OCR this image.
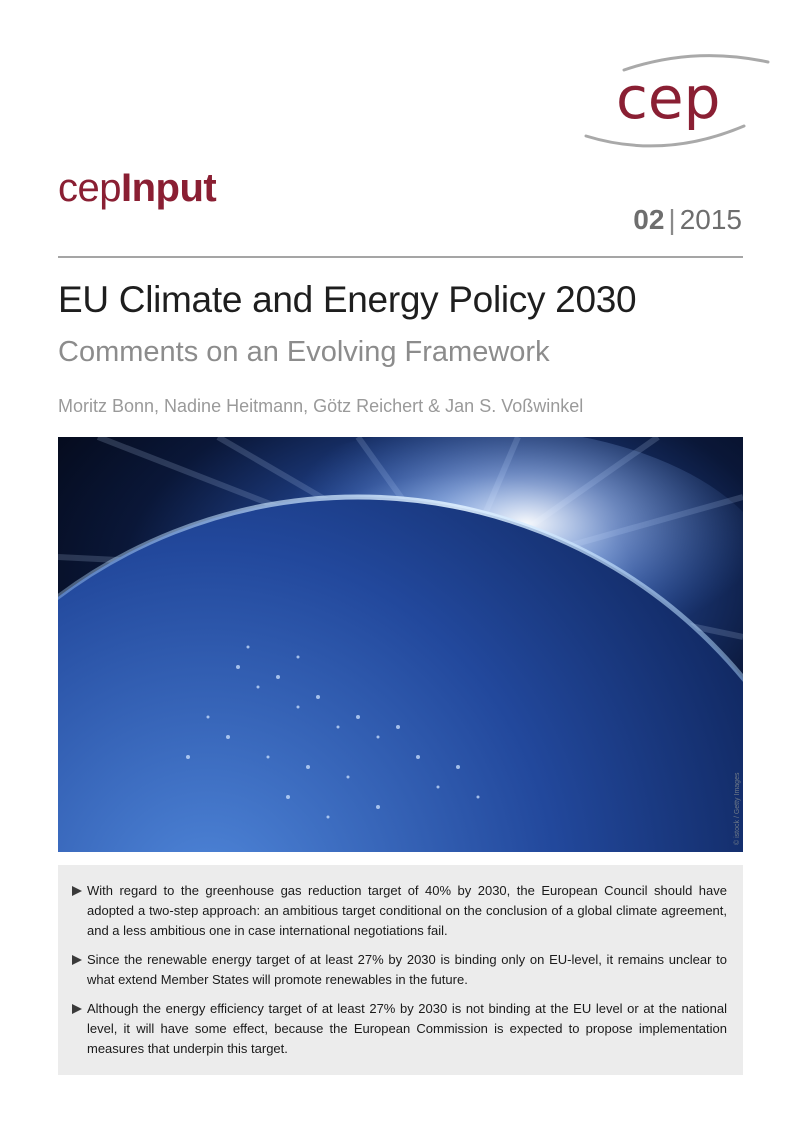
cep
cepInput
02 | 2015
EU Climate and Energy Policy 2030
Comments on an Evolving Framework
Moritz Bonn, Nadine Heitmann, Götz Reichert & Jan S. Voßwinkel
© istock / Getty Images
With regard to the greenhouse gas reduction target of 40% by 2030, the European Council should have adopted a two-step approach: an ambitious target conditional on the conclusion of a global climate agreement, and a less ambitious one in case international negotiations fail.
Since the renewable energy target of at least 27% by 2030 is binding only on EU-level, it remains unclear to what extend Member States will promote renewables in the future.
Although the energy efficiency target of at least 27% by 2030 is not binding at the EU level or at the national level, it will have some effect, because the European Commission is expected to propose implementation measures that underpin this target.
